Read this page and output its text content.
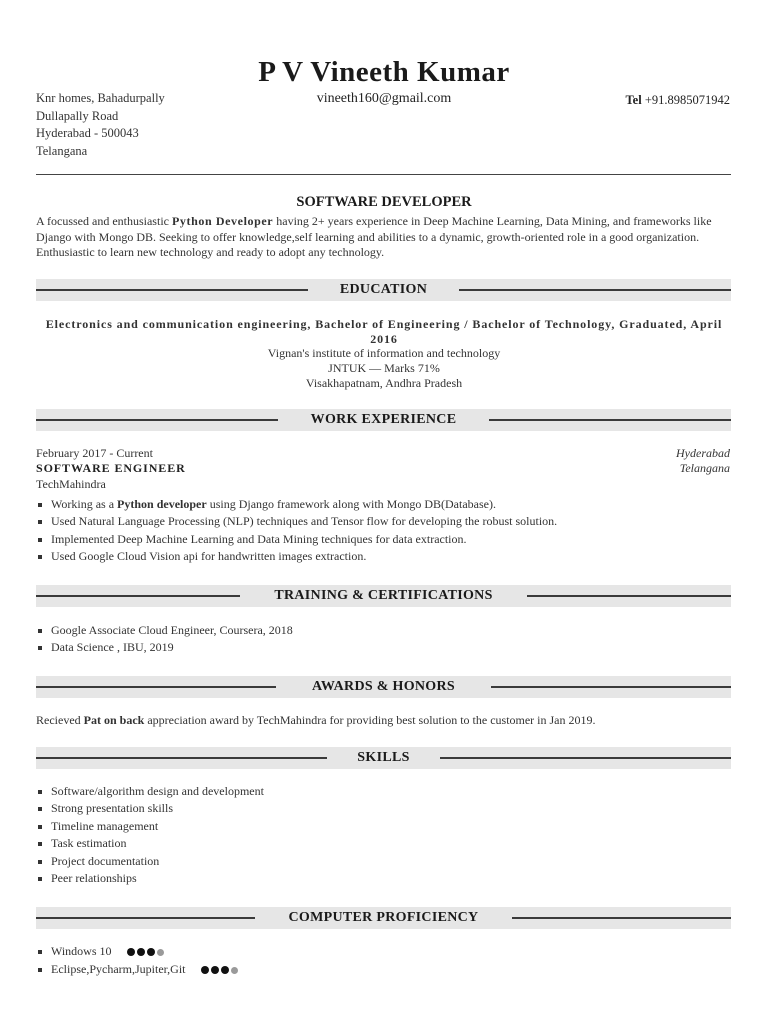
P V Vineeth Kumar
Knr homes, Bahadurpally
Dullapally Road
Hyderabad - 500043
Telangana
vineeth160@gmail.com	Tel +91.8985071942
SOFTWARE DEVELOPER
A focussed and enthusiastic Python Developer having 2+ years experience in Deep Machine Learning, Data Mining, and frameworks like Django with Mongo DB. Seeking to offer knowledge,self learning and abilities to a dynamic, growth-oriented role in a good organization. Enthusiastic to learn new technology and ready to adopt any technology.
EDUCATION
Electronics and communication engineering, Bachelor of Engineering / Bachelor of Technology, Graduated, April 2016
Vignan's institute of information and technology
JNTUK — Marks 71%
Visakhapatnam, Andhra Pradesh
WORK EXPERIENCE
February 2017 - Current
SOFTWARE ENGINEER
TechMahindra
Hyderabad
Telangana
Working as a Python developer using Django framework along with Mongo DB(Database).
Used Natural Language Processing (NLP) techniques and Tensor flow for developing the robust solution.
Implemented Deep Machine Learning and Data Mining techniques for data extraction.
Used Google Cloud Vision api for handwritten images extraction.
TRAINING & CERTIFICATIONS
Google Associate Cloud Engineer, Coursera, 2018
Data Science , IBU, 2019
AWARDS & HONORS
Recieved Pat on back appreciation award by TechMahindra for providing best solution to the customer in Jan 2019.
SKILLS
Software/algorithm design and development
Strong presentation skills
Timeline management
Task estimation
Project documentation
Peer relationships
COMPUTER PROFICIENCY
Windows 10
Eclipse,Pycharm,Jupiter,Git
